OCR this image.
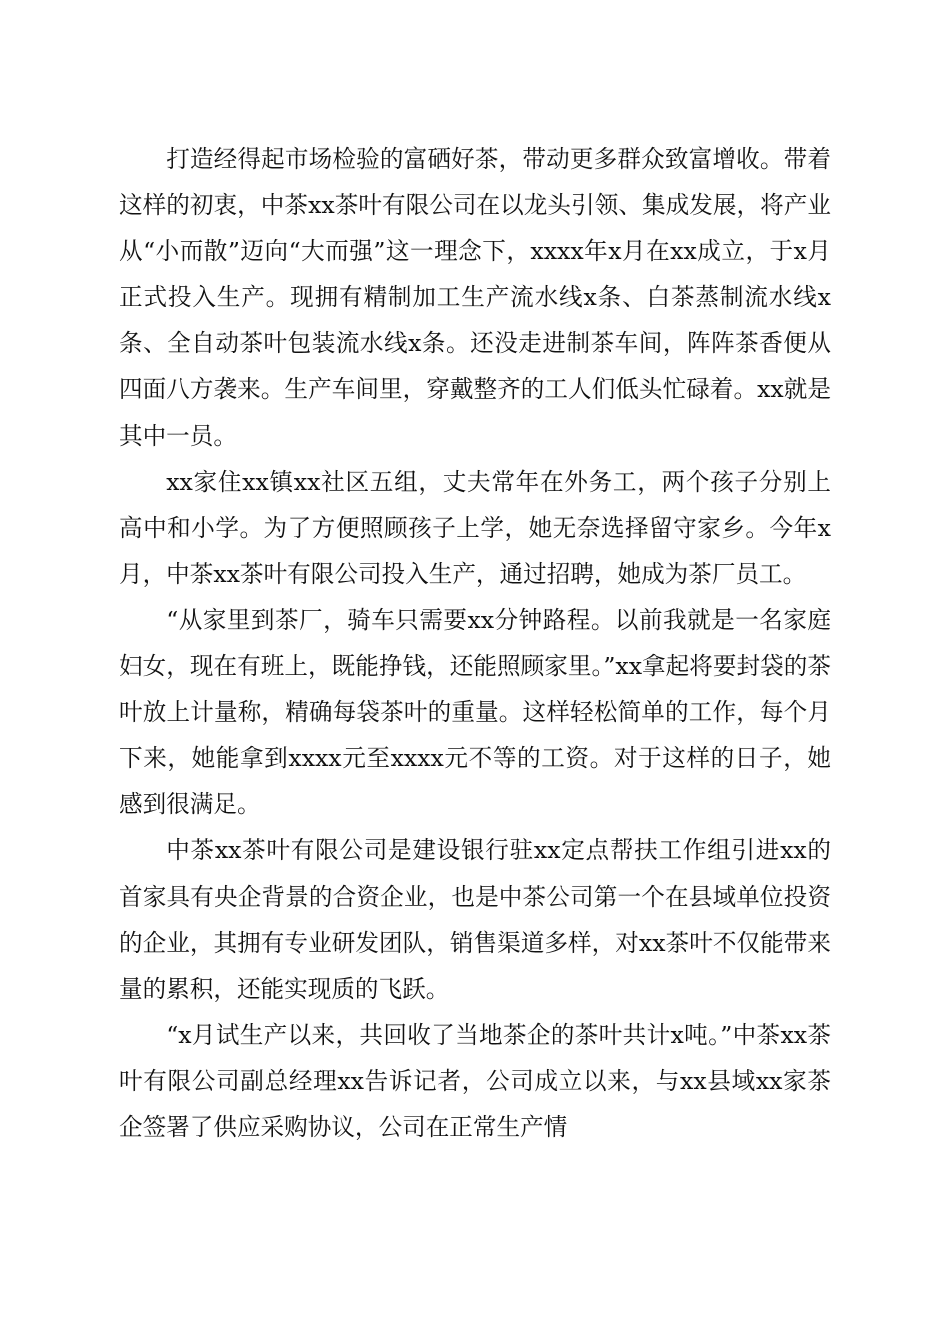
打造经得起市场检验的富硒好茶，带动更多群众致富增收。带着这样的初衷，中茶xx茶叶有限公司在以龙头引领、集成发展，将产业从“小而散”迈向“大而强”这一理念下，xxxx年x月在xx成立，于x月正式投入生产。现拥有精制加工生产流水线x条、白茶蒸制流水线x条、全自动茶叶包装流水线x条。还没走进制茶车间，阵阵茶香便从四面八方袭来。生产车间里，穿戴整齐的工人们低头忙碌着。xx就是其中一员。

xx家住xx镇xx社区五组，丈夫常年在外务工，两个孩子分别上高中和小学。为了方便照顾孩子上学，她无奈选择留守家乡。今年x月，中茶xx茶叶有限公司投入生产，通过招聘，她成为茶厂员工。

“从家里到茶厂，骑车只需要xx分钟路程。以前我就是一名家庭妇女，现在有班上，既能挣钱，还能照顾家里。”xx拿起将要封袋的茶叶放上计量称，精确每袋茶叶的重量。这样轻松简单的工作，每个月下来，她能拿到xxxx元至xxxx元不等的工资。对于这样的日子，她感到很满足。

中茶xx茶叶有限公司是建设银行驻xx定点帮扶工作组引进xx的首家具有央企背景的合资企业，也是中茶公司第一个在县域单位投资的企业，其拥有专业研发团队，销售渠道多样，对xx茶叶不仅能带来量的累积，还能实现质的飞跃。

“x月试生产以来，共回收了当地茶企的茶叶共计x吨。”中茶xx茶叶有限公司副总经理xx告诉记者，公司成立以来，与xx县域xx家茶企签署了供应采购协议，公司在正常生产情
